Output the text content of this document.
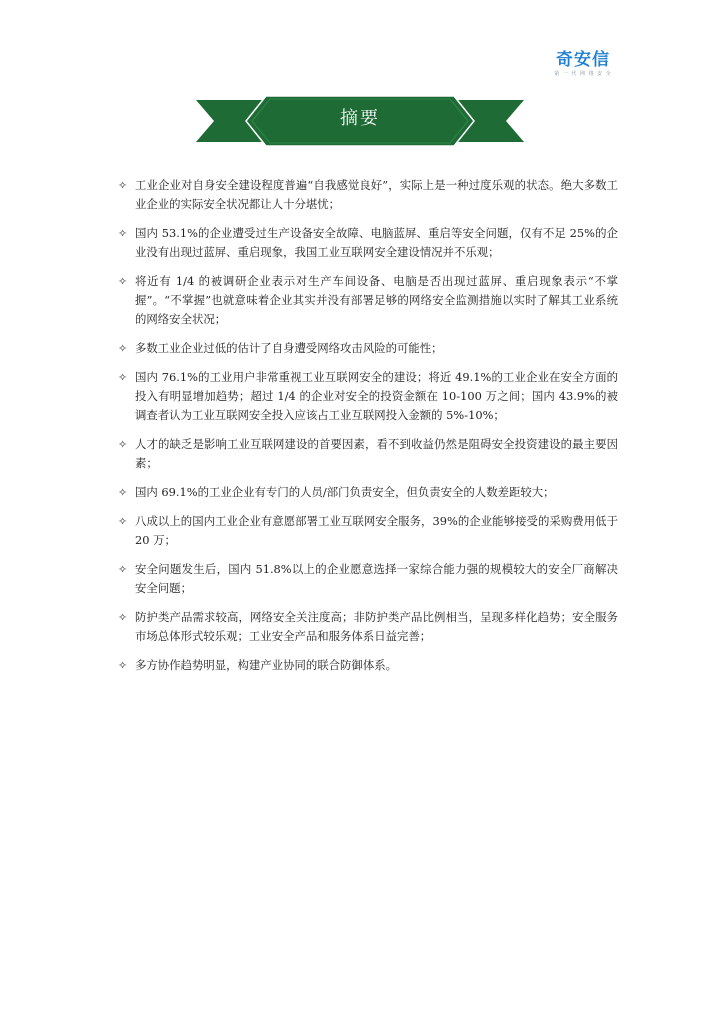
奇安信
第 一 代 网 络 安 全
摘要
✧ 工业企业对自身安全建设程度普遍“自我感觉良好”，实际上是一种过度乐观的状态。绝大多数工业企业的实际安全状况都让人十分堪忧；
✧ 国内 53.1%的企业遭受过生产设备安全故障、电脑蓝屏、重启等安全问题，仅有不足 25%的企业没有出现过蓝屏、重启现象，我国工业互联网安全建设情况并不乐观；
✧ 将近有 1/4 的被调研企业表示对生产车间设备、电脑是否出现过蓝屏、重启现象表示“不掌握”。“不掌握”也就意味着企业其实并没有部署足够的网络安全监测措施以实时了解其工业系统的网络安全状况；
✧ 多数工业企业过低的估计了自身遭受网络攻击风险的可能性；
✧ 国内 76.1%的工业用户非常重视工业互联网安全的建设；将近 49.1%的工业企业在安全方面的投入有明显增加趋势；超过 1/4 的企业对安全的投资金额在 10-100 万之间；国内 43.9%的被调查者认为工业互联网安全投入应该占工业互联网投入金额的 5%-10%；
✧ 人才的缺乏是影响工业互联网建设的首要因素，看不到收益仍然是阻碍安全投资建设的最主要因素；
✧ 国内 69.1%的工业企业有专门的人员/部门负责安全，但负责安全的人数差距较大；
✧ 八成以上的国内工业企业有意愿部署工业互联网安全服务，39%的企业能够接受的采购费用低于 20 万；
✧ 安全问题发生后，国内 51.8%以上的企业愿意选择一家综合能力强的规模较大的安全厂商解决安全问题；
✧ 防护类产品需求较高，网络安全关注度高；非防护类产品比例相当，呈现多样化趋势；安全服务市场总体形式较乐观；工业安全产品和服务体系日益完善；
✧ 多方协作趋势明显，构建产业协同的联合防御体系。
